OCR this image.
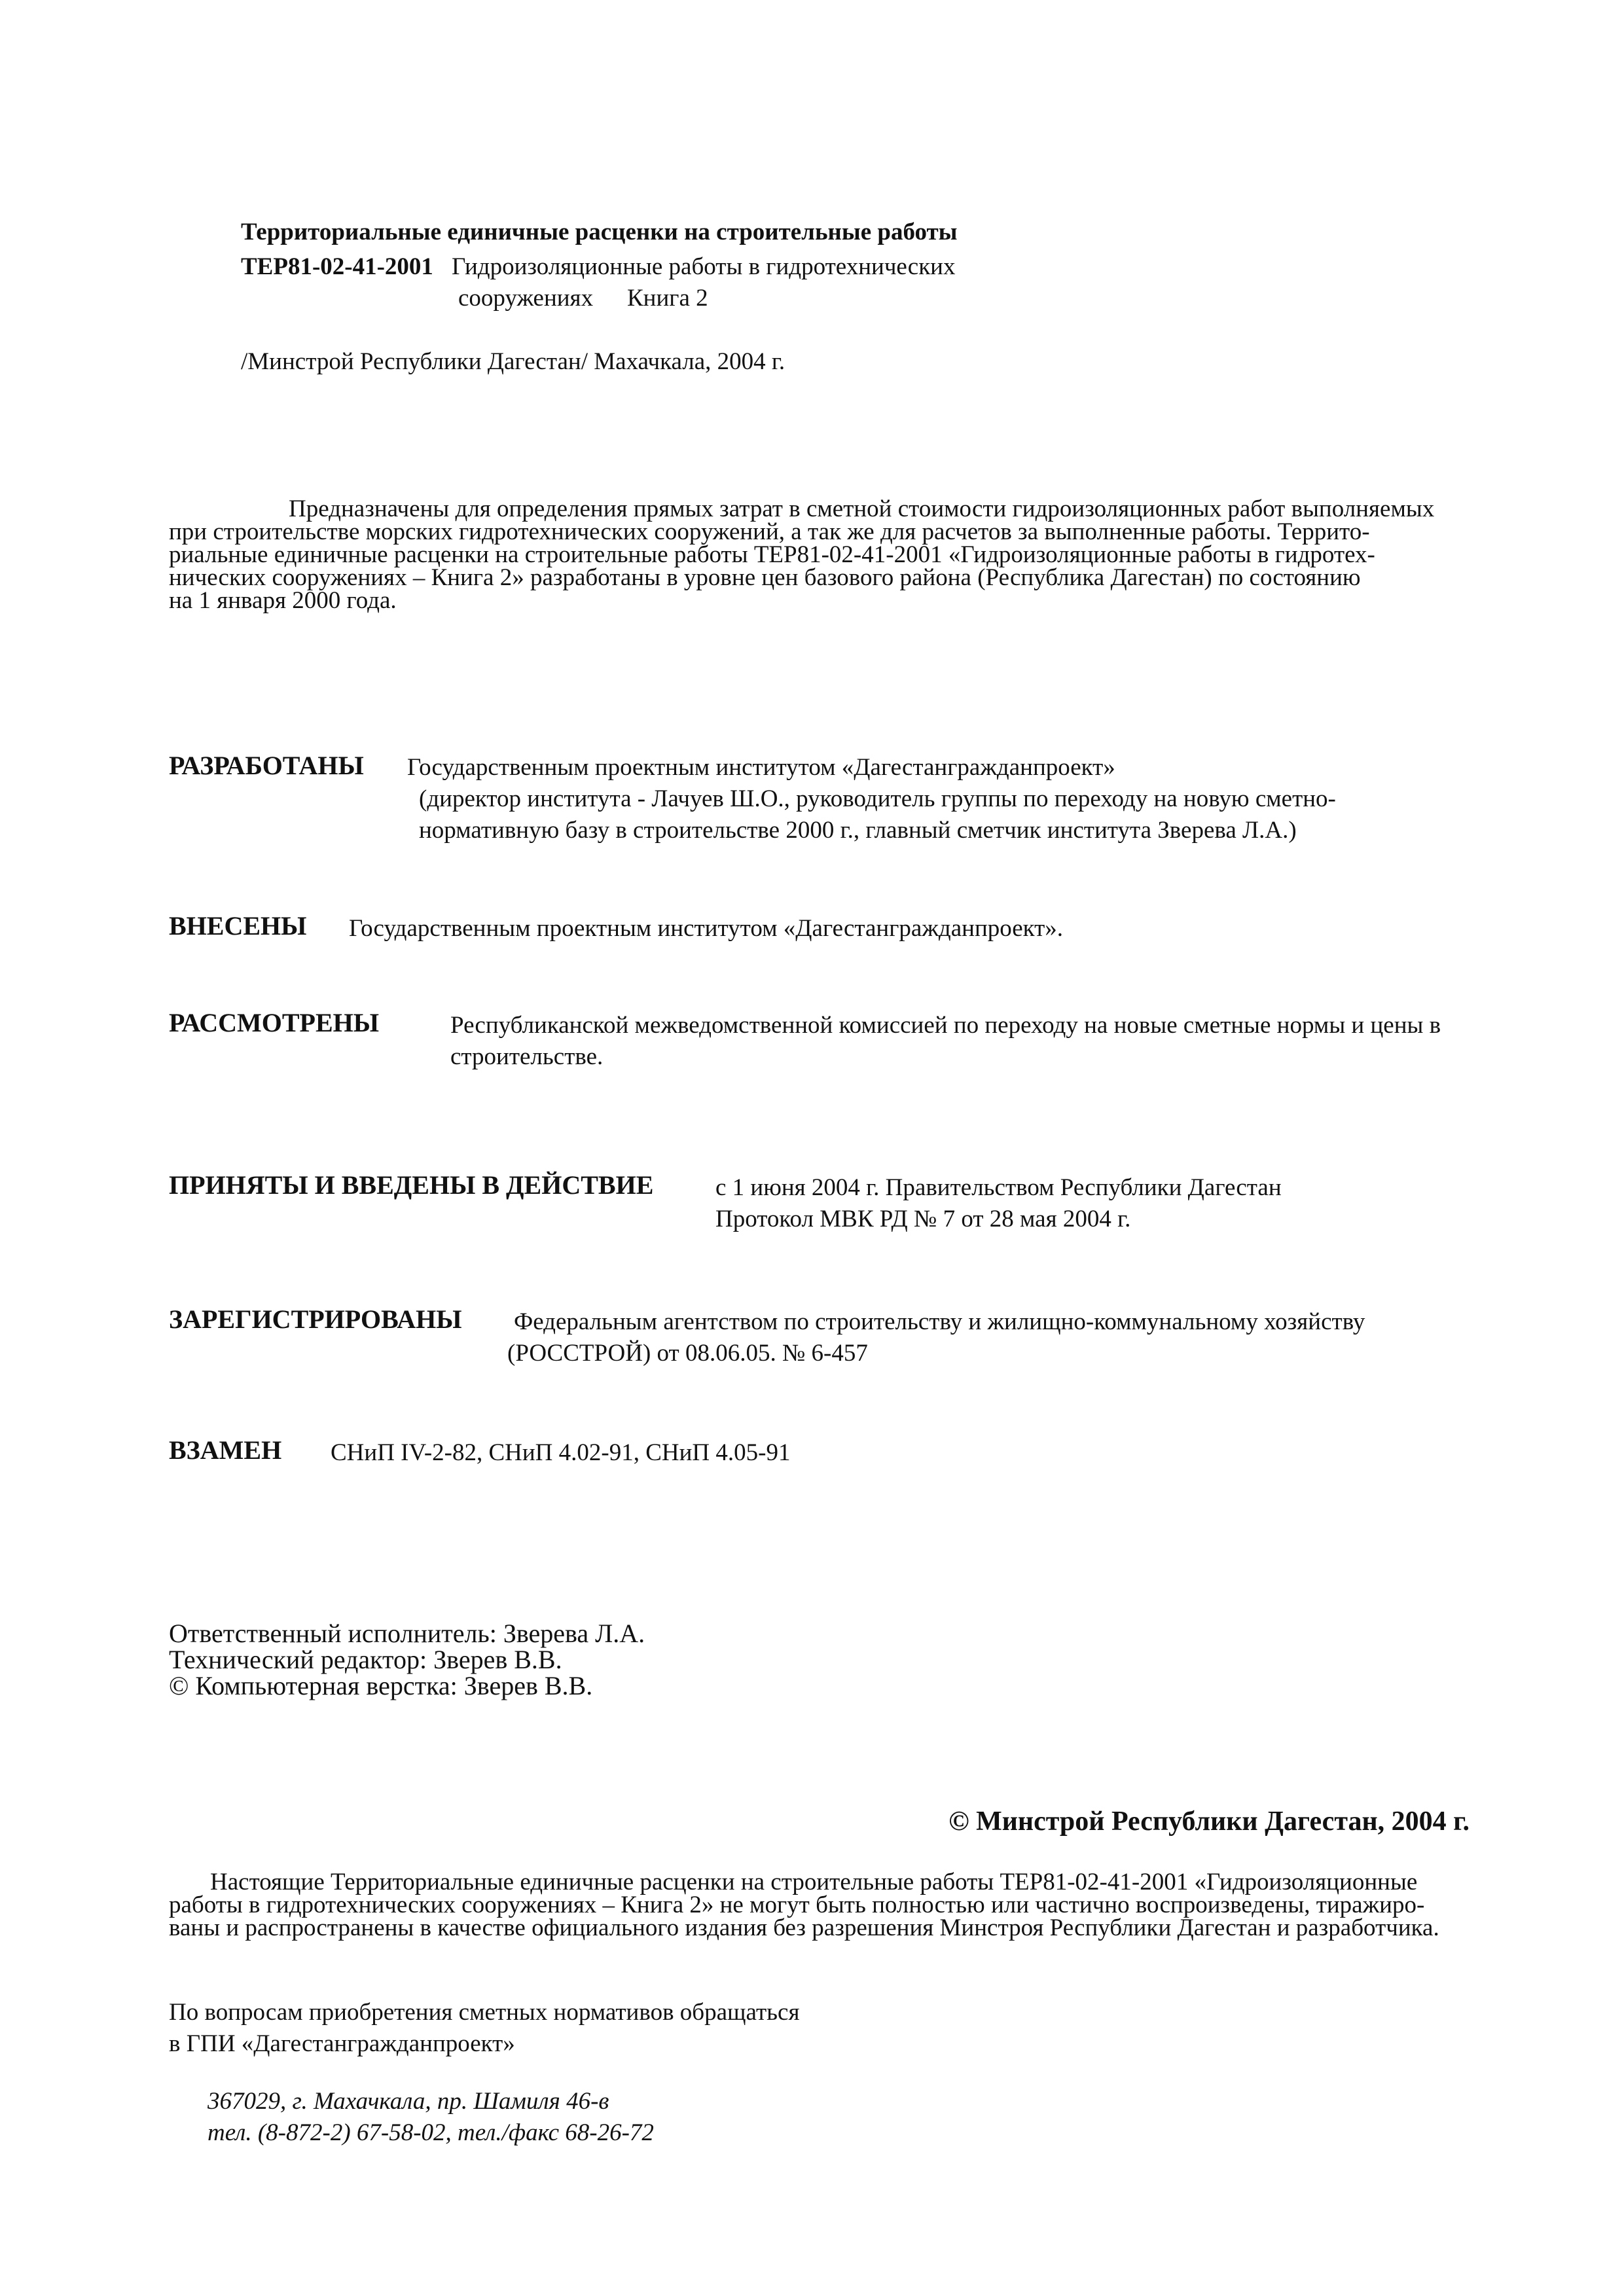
Территориальные единичные расценки на строительные работы
ТЕР81-02-41-2001 Гидроизоляционные работы в гидротехнических
сооружениях Книга 2
/Минстрой Республики Дагестан/ Махачкала, 2004 г.
Предназначены для определения прямых затрат в сметной стоимости гидроизоляционных работ выполняемых
при строительстве морских гидротехнических сооружений, а так же для расчетов за выполненные работы. Террито-
риальные единичные расценки на строительные работы ТЕР81-02-41-2001 «Гидроизоляционные работы в гидротех-
нических сооружениях – Книга 2» разработаны в уровне цен базового района (Республика Дагестан) по состоянию
на 1 января 2000 года.
РАЗРАБОТАНЫ Государственным проектным институтом «Дагестангражданпроект»
(директор института - Лачуев Ш.О., руководитель группы по переходу на новую сметно-
нормативную базу в строительстве 2000 г., главный сметчик института Зверева Л.А.)
ВНЕСЕНЫ Государственным проектным институтом «Дагестангражданпроект».
РАССМОТРЕНЫ	Республиканской межведомственной комиссией по переходу на новые сметные нормы и цены в
строительстве.
ПРИНЯТЫ И ВВЕДЕНЫ В ДЕЙСТВИЕ	с 1 июня 2004 г. Правительством Республики Дагестан
Протокол МВК РД № 7 от 28 мая 2004 г.
ЗАРЕГИСТРИРОВАНЫ Федеральным агентством по строительству и жилищно-коммунальному хозяйству
(РОССТРОЙ) от 08.06.05. № 6-457
ВЗАМЕН СНиП IV-2-82, СНиП 4.02-91, СНиП 4.05-91
Ответственный исполнитель: Зверева Л.А.
Технический редактор: Зверев В.В.
© Компьютерная верстка: Зверев В.В.
© Минстрой Республики Дагестан, 2004 г.
Настоящие Территориальные единичные расценки на строительные работы ТЕР81-02-41-2001 «Гидроизоляционные
работы в гидротехнических сооружениях – Книга 2» не могут быть полностью или частично воспроизведены, тиражиро-
ваны и распространены в качестве официального издания без разрешения Минстроя Республики Дагестан и разработчика.
По вопросам приобретения сметных нормативов обращаться
в ГПИ «Дагестангражданпроект»
367029, г. Махачкала, пр. Шамиля 46-в
тел. (8-872-2) 67-58-02, тел./факс 68-26-72
